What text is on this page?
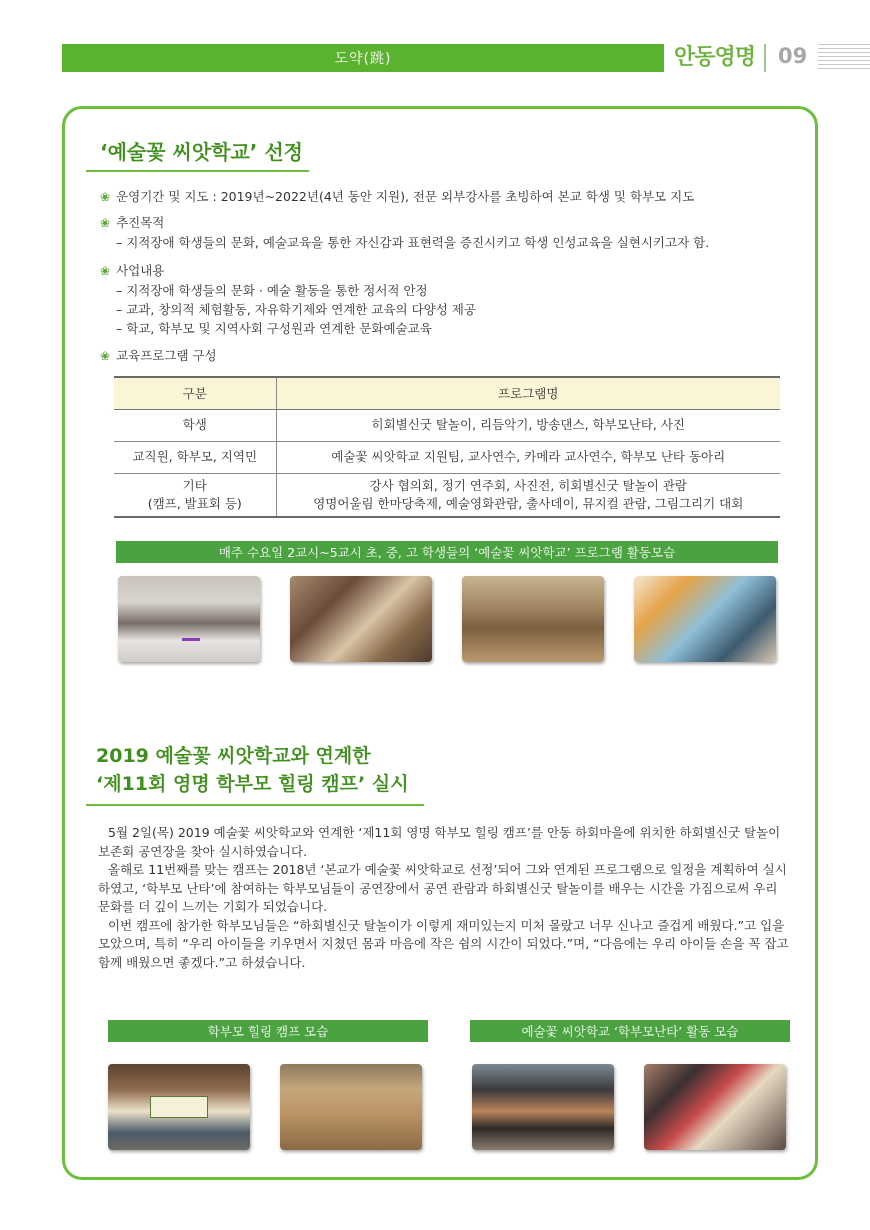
도약(跳)	안동영명 09
‘예술꽃 씨앗학교’ 선정
❀ 운영기간 및 지도 : 2019년~2022년(4년 동안 지원), 전문 외부강사를 초빙하여 본교 학생 및 학부모 지도
❀ 추진목적
– 지적장애 학생들의 문화, 예술교육을 통한 자신감과 표현력을 증진시키고 학생 인성교육을 실현시키고자 함.
❀ 사업내용
– 지적장애 학생들의 문화 · 예술 활동을 통한 정서적 안정
– 교과, 창의적 체험활동, 자유학기제와 연계한 교육의 다양성 제공
– 학교, 학부모 및 지역사회 구성원과 연계한 문화예술교육
❀ 교육프로그램 구성
구분	프로그램명
학생	히회별신굿 탈놀이, 리듬악기, 방송댄스, 학부모난타, 사진
교직원, 학부모, 지역민	예술꽃 씨앗학교 지원팀, 교사연수, 카메라 교사연수, 학부모 난타 동아리
기타
(캠프, 발표회 등)	강사 협의회, 정기 연주회, 사진전, 히회별신굿 탈놀이 관람
영명어울림 한마당축제, 예술영화관람, 출사데이, 뮤지컬 관람, 그림그리기 대회
매주 수요일 2교시~5교시 초, 중, 고 학생들의 ‘예술꽃 씨앗학교’ 프로그램 활동모습
2019 예술꽃 씨앗학교와 연계한
‘제11회 영명 학부모 힐링 캠프’ 실시

5월 2일(목) 2019 예술꽃 씨앗학교와 연계한 ‘제11회 영명 학부모 힐링 캠프’를 안동 하회마을에 위치한 하회별신굿 탈놀이 보존회 공연장을 찾아 실시하였습니다.

올해로 11번째를 맞는 캠프는 2018년 ‘본교가 예술꽃 씨앗학교로 선정’되어 그와 연계된 프로그램으로 일정을 계획하여 실시하였고, ‘학부모 난타’에 참여하는 학부모님들이 공연장에서 공연 관람과 하회별신굿 탈놀이를 배우는 시간을 가짐으로써 우리 문화를 더 깊이 느끼는 기회가 되었습니다.

이번 캠프에 참가한 학부모님들은 “하회별신굿 탈놀이가 이렇게 재미있는지 미처 몰랐고 너무 신나고 즐겁게 배웠다.”고 입을 모았으며, 특히 “우리 아이들을 키우면서 지쳤던 몸과 마음에 작은 쉼의 시간이 되었다.”며, “다음에는 우리 아이들 손을 꼭 잡고 함께 배웠으면 좋겠다.”고 하셨습니다.

학부모 힐링 캠프 모습	예술꽃 씨앗학교 ‘학부모난타’ 활동 모습
